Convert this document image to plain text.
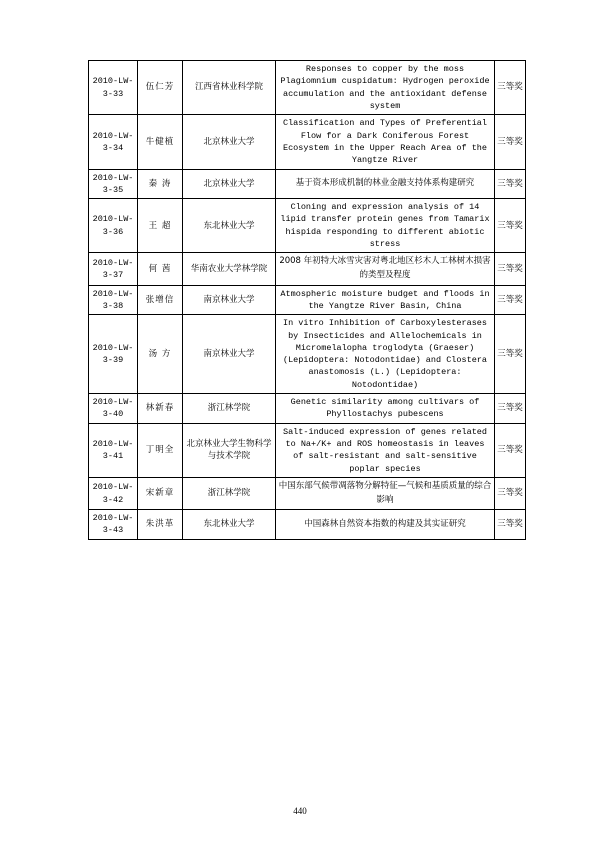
2010-LW-3-33	伍仁芳	江西省林业科学院	Responses to copper by the moss Plagiomnium cuspidatum: Hydrogen peroxide accumulation and the antioxidant defense system	三等奖
2010-LW-3-34	牛健植	北京林业大学	Classification and Types of Preferential Flow for a Dark Coniferous Forest Ecosystem in the Upper Reach Area of the Yangtze River	三等奖
2010-LW-3-35	秦 涛	北京林业大学	基于资本形成机制的林业金融支持体系构建研究	三等奖
2010-LW-3-36	王 超	东北林业大学	Cloning and expression analysis of 14 lipid transfer protein genes from Tamarix hispida responding to different abiotic stress	三等奖
2010-LW-3-37	何 茜	华南农业大学林学院	2008 年初特大冰雪灾害对粤北地区杉木人工林树木损害的类型及程度	三等奖
2010-LW-3-38	张增信	南京林业大学	Atmospheric moisture budget and floods in the Yangtze River Basin, China	三等奖
2010-LW-3-39	汤 方	南京林业大学	In vitro Inhibition of Carboxylesterases by Insecticides and Allelochemicals in Micromelalopha troglodyta (Graeser) (Lepidoptera: Notodontidae) and Clostera anastomosis (L.) (Lepidoptera: Notodontidae)	三等奖
2010-LW-3-40	林新春	浙江林学院	Genetic similarity among cultivars of Phyllostachys pubescens	三等奖
2010-LW-3-41	丁明全	北京林业大学生物科学与技术学院	Salt-induced expression of genes related to Na+/K+ and ROS homeostasis in leaves of salt-resistant and salt-sensitive poplar species	三等奖
2010-LW-3-42	宋新章	浙江林学院	中国东部气候带凋落物分解特征—气候和基质质量的综合影响	三等奖
2010-LW-3-43	朱洪革	东北林业大学	中国森林自然资本指数的构建及其实证研究	三等奖
440
